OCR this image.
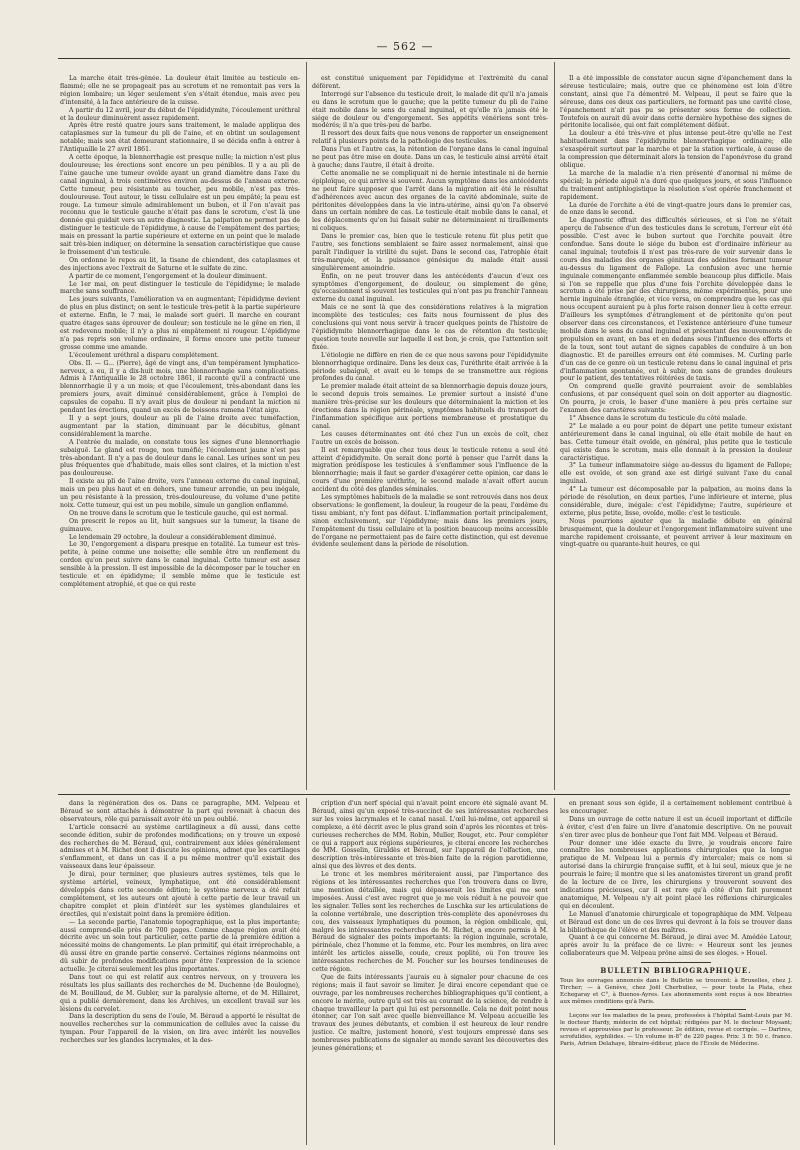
— 562 —

La marche était très-gênée. La douleur était limitée au testicule en-flammé; elle ne se propageait pas au scrotum et ne remontait pas vers la région lombaire; un léger seulement s'en s'était étendue, mais avec peu d'intensité, à la face antérieure de la cuisse.

A partir du 12 avril, jour du début de l'épididymite, l'écoulement uréthral et la douleur diminuèrent assez rapidement.

Après être resté quatre jours sans traitement, le malade appliqua des cataplasmes sur la tumeur du pli de l'aine, et en obtint un soulagement notable; mais son état demeurant stationnaire, il se décida enfin à entrer à l'Antiquaille le 27 avril 1861.

A cette époque, la blennorrhagie est presque nulle; la miction n'est plus douloureuse; les érections sont encore un peu pénibles. Il y a au pli de l'aine gauche une tumeur ovoïde ayant un grand diamètre dans l'axe du canal inguinal, à trois centimètres environ au-dessus de l'anneau externe. Cette tumeur, peu résistante au toucher, peu mobile, n'est pas très-douloureuse. Tout autour, le tissu cellulaire est un peu empâté; la peau est rouge. La tumeur simule admirablement un bubon, et il l'on n'avait pas reconnu que le testicule gauche n'était pas dans le scrotum, c'est là une donnée qui guidait vers un autre diagnostic. La palpation ne permet pas de distinguer le testicule de l'épididyme, à cause de l'empâtement des parties; mais en pressant la partie supérieure et externe en un point que le malade sait très-bien indiquer, on détermine la sensation caractéristique que cause le froissement d'un testicule.

On ordonne le repos au lit, la tisane de chiendent, des cataplasmes et des injections avec l'extrait de Saturne et le sulfate de zinc.

A partir de ce moment, l'engorgement et la douleur diminuent.

Le 1er mai, on peut distinguer le testicule de l'épididyme; le malade marche sans souffrance.

Les jours suivants, l'amélioration va en augmentant; l'épididyme devient de plus en plus distinct; on sent le testicule très-petit à la partie supérieure et externe. Enfin, le 7 mai, le malade sort guéri. Il marche en courant quatre étages sans éprouver de douleur; son testicule ne le gêne en rien, il est redevenu mobile; il n'y a plus ni empâtement ni rougeur. L'épididyme n'a pas repris son volume ordinaire, il forme encore une petite tumeur grosse comme une amande.

L'écoulement uréthral a disparu complétement.

Obs. II. — G... (Pierre), âgé de vingt ans, d'un tempérament lymphatico-nerveux, a eu, il y a dix-huit mois, une blennorrhagie sans complications. Admis à l'Antiquaille le 28 octobre 1861, il raconte qu'il a contracté une blennorrhagie il y a un mois; et que l'écoulement, très-abondant dans les premiers jours, avait diminué considérablement, grâce à l'emploi de capsules de copahu. Il n'y avait plus de douleur ni pendant la miction ni pendant les érections, quand un excès de boissons ramena l'état aigu.

Il y a sept jours, douleur au pli de l'aine droite avec tuméfaction, augmentant par la station, diminuant par le décubitus, gênant considérablement la marche.

A l'entrée du malade, on constate tous les signes d'une blennorrhagie subaiguë. Le gland est rouge, non tuméfié; l'écoulement jaune n'est pas très-abondant. Il n'y a pas de douleur dans le canal. Les urines sont un peu plus fréquentes que d'habitude, mais elles sont claires, et la miction n'est pas douloureuse.

Il existe au pli de l'aine droite, vers l'anneau externe du canal inguinal, mais un peu plus haut et en dehors, une tumeur arrondie, un peu inégale, un peu résistante à la pression, très-douloureuse, du volume d'une petite noix. Cette tumeur, qui est un peu mobile, simule un ganglion enflammé.

On ne trouve dans le scrotum que le testicule gauche, qui est normal.

On prescrit le repos au lit, huit sangsues sur la tumeur, la tisane de guimauve.

Le lendemain 29 octobre, la douleur a considérablement diminué.

Le 30, l'engorgement a disparu presque en totalité. La tumeur est très-petite, à peine comme une noisette; elle semble être un renflement du cordon qu'on peut suivre dans le canal inguinal. Cette tumeur est assez sensible à la pression. Il est impossible de la décomposer par le toucher en testicule et en épididyme; il semble même que le testicule est complétement atrophié, et que ce qui reste

est constitué uniquement par l'épididyme et l'extrémité du canal déférent.

Interrogé sur l'absence du testicule droit, le malade dit qu'il n'a jamais eu dans le scrotum que le gauche; que la petite tumeur du pli de l'aine était mobile dans le sens du canal inguinal, et qu'elle n'a jamais été le siége de douleur ou d'engorgement. Ses appétits vénériens sont très-modérés; il n'a que très-peu de barbe.

Il ressort des deux faits que nous venons de rapporter un enseignement relatif à plusieurs points de la pathologie des testicules.

Dans l'un et l'autre cas, la rétention de l'organe dans le canal inguinal ne peut pas être mise en doute. Dans un cas, le testicule ainsi arrêté était à gauche; dans l'autre, il était à droite.

Cette anomalie ne se compliquait ni de hernie intestinale ni de hernie épiploïque, ce qui arrive si souvent. Aucun symptôme dans les antécédents ne peut faire supposer que l'arrêt dans la migration ait été le résultat d'adhérences avec aucun des organes de la cavité abdominale, suite de péritonites développées dans la vie intra-utérine, ainsi qu'on l'a observé dans un certain nombre de cas. Le testicule était mobile dans le canal, et les déplacements qu'on lui faisait subir ne déterminaient ni tiraillements ni coliques.

Dans le premier cas, bien que le testicule retenu fût plus petit que l'autre, ses fonctions semblaient se faire assez normalement, ainsi que paraît l'indiquer la virilité du sujet. Dans le second cas, l'atrophie était très-marquée, et la puissance génésique du malade était aussi singulièrement amoindrie.

Enfin, on ne peut trouver dans les antécédents d'aucun d'eux ces symptômes d'engorgement, de douleur, ou simplement de gêne, qu'occasionnent si souvent les testicules qui n'ont pas pu franchir l'anneau externe du canal inguinal.

Mais ce ne sont là que des considérations relatives à la migration incomplète des testicules; ces faits nous fournissent de plus des conclusions qui vont nous servir à tracer quelques points de l'histoire de l'épididymite blennorrhagique dans le cas de rétention du testicule; question toute nouvelle sur laquelle il est bon, je crois, que l'attention soit fixée.

L'étiologie ne diffère en rien de ce que nous savons pour l'épididymite blennorrhagique ordinaire. Dans les deux cas, l'uréthrite était arrivée à la période subaiguë, et avait eu le temps de se transmettre aux régions profondes du canal.

Le premier malade était atteint de sa blennorrhagie depuis douze jours, le second depuis trois semaines. Le premier surtout a insisté d'une manière très-précise sur les douleurs que déterminaient la miction et les érections dans la région périnéale, symptômes habituels du transport de l'inflammation spécifique aux portions membraneuse et prostatique du canal.

Les causes déterminantes ont été chez l'un un excès de coït, chez l'autre un excès de boisson.

Il est remarquable que chez tous deux le testicule retenu a seul été atteint d'épididymite. On serait donc porté à penser que l'arrêt dans la migration prédispose les testicules à s'enflammer sous l'influence de la blennorrhagie; mais il faut se garder d'exagérer cette opinion, car dans le cours d'une première uréthrite, le second malade n'avait offert aucun accident du côté des glandes séminales.

Les symptômes habituels de la maladie se sont retrouvés dans nos deux observations: le gonflement, la douleur, la rougeur de la peau, l'œdème du tissu ambiant, n'y font pas défaut. L'inflammation portait principalement, sinon exclusivement, sur l'épididyme; mais dans les premiers jours, l'empâtement du tissu cellulaire et la position beaucoup moins accessible de l'organe ne permettaient pas de faire cette distinction, qui est devenue évidente seulement dans la période de résolution.

Il a été impossible de constater aucun signe d'épanchement dans la séreuse testiculaire; mais, outre que ce phénomène est loin d'être constant, ainsi que l'a démontré M. Velpeau, il peut se faire que la séreuse, dans ces deux cas particuliers, ne formant pas une cavité close, l'épanchement n'ait pas pu se présenter sous forme de collection. Toutefois on aurait dû avoir dans cette dernière hypothèse des signes de péritonite localisée, qui ont fait complétement défaut.

La douleur a été très-vive et plus intense peut-être qu'elle ne l'est habituellement dans l'épididymite blennorrhagique ordinaire; elle s'exaspérait surtout par la marche et par la station verticale, à cause de la compression que déterminait alors la tension de l'aponévrose du grand oblique.

La marche de la maladie n'a rien présenté d'anormal ni même de spécial; la période aiguë n'a duré que quelques jours, et sous l'influence du traitement antiphlogistique la résolution s'est opérée franchement et rapidement.

La durée de l'orchite a été de vingt-quatre jours dans le premier cas, de onze dans le second.

Le diagnostic offrait des difficultés sérieuses, et si l'on ne s'était aperçu de l'absence d'un des testicules dans le scrotum, l'erreur eût été possible. C'est avec le bubon surtout que l'orchite pouvait être confondue. Sans doute le siége du bubon est d'ordinaire inférieur au canal inguinal; toutefois il n'est pas très-rare de voir survenir dans le cours des maladies des organes génitaux des adénites formant tumeur au-dessus du ligament de Fallope. La confusion avec une hernie inguinale commençante enflammée semble beaucoup plus difficile. Mais si l'on se rappelle que plus d'une fois l'orchite développée dans le scrotum a été prise par des chirurgiens, même expérimentés, pour une hernie inguinale étranglée, et vice versa, on comprendra que les cas qui nous occupent auraient pu à plus forte raison donner lieu à cette erreur. D'ailleurs les symptômes d'étranglement et de péritonite qu'on peut observer dans ces circonstances, et l'existence antérieure d'une tumeur mobile dans le sens du canal inguinal et présentant des mouvements de propulsion en avant, en bas et en dedans sous l'influence des efforts et de la toux, sont tout autant de signes capables de conduire à un bon diagnostic. Et de pareilles erreurs ont été commises. M. Curling parle d'un cas de ce genre où un testicule retenu dans le canal inguinal et pris d'inflammation spontanée, eut à subir, non sans de grandes douleurs pour le patient, des tentatives réitérées de taxis.

On comprend quelle gravité pourraient avoir de semblables confusions, et par conséquent quel soin on doit apporter au diagnostic. On pourra, je crois, le baser d'une manière à peu près certaine sur l'examen des caractères suivants:

1° Absence dans le scrotum du testicule du côté malade.

2° Le malade a eu pour point de départ une petite tumeur existant antérieurement dans le canal inguinal, où elle était mobile de haut en bas. Cette tumeur était ovoïde, en général, plus petite que le testicule qui existe dans le scrotum, mais elle donnait à la pression la douleur caractéristique.

3° La tumeur inflammatoire siége au-dessus du ligament de Fallope; elle est ovoïde, et son grand axe est dirigé suivant l'axe du canal inguinal.

4° La tumeur est décomposable par la palpation, au moins dans la période de résolution, en deux parties, l'une inférieure et interne, plus considérable, dure, inégale: c'est l'épididyme; l'autre, supérieure et externe, plus petite, lisse, ovoïde, molle: c'est le testicule.

Nous pourrions ajouter que la maladie débute en général brusquement, que la douleur et l'engorgement inflammatoire suivent une marche rapidement croissante, et peuvent arriver à leur maximum en vingt-quatre ou quarante-huit heures, ce qui

dans la régénération des os. Dans ce paragraphe, MM. Velpeau et Béraud se sont attachés à démontrer la part qui revenait à chacun des observateurs, rôle qui paraissait avoir été un peu oublié.

L'article consacré au système cartilagineux a dû aussi, dans cette seconde édition, subir de profondes modifications; on y trouve un exposé des recherches de M. Béraud, qui, contrairement aux idées généralement admises et à M. Richet dont il discute les opinions, admet que les cartilages s'enflamment, et dans un cas il a pu même montrer qu'il existait des vaisseaux dans leur épaisseur.

Je dirai, pour terminer, que plusieurs autres systèmes, tels que le système artériel, veineux, lymphatique, ont été considérablement développés dans cette seconde édition; le système nerveux a été refait complétement, et les auteurs ont ajouté à cette partie de leur travail un chapitre complet et plein d'intérêt sur les systèmes glandulaires et érectiles, qui n'existait point dans la première édition.

— La seconde partie, l'anatomie topographique, est la plus importante; aussi comprend-elle près de 700 pages. Comme chaque région avait été décrite avec un soin tout particulier, cette partie de la première édition a nécessité moins de changements. Le plan primitif, qui était irréprochable, a dû aussi être en grande partie conservé. Certaines régions néanmoins ont dû subir de profondes modifications pour être l'expression de la science actuelle. Je citerai seulement les plus importantes.

Dans tout ce qui est relatif aux centres nerveux, on y trouvera les résultats les plus saillants des recherches de M. Duchenne (de Boulogne), de M. Bouillaud, de M. Gubler, sur la paralysie alterne, et de M. Hillairet, qui a publié dernièrement, dans les Archives, un excellent travail sur les lésions du cervelet.

Dans la description du sens de l'ouïe, M. Béraud a apporté le résultat de nouvelles recherches sur la communication de cellules avec la caisse du tympan. Pour l'appareil de la vision, on lira avec intérêt les nouvelles recherches sur les glandes lacrymales, et la des-

cription d'un nerf spécial qui n'avait point encore été signalé avant M. Béraud, ainsi qu'un exposé très-succinct de ses intéressantes recherches sur les voies lacrymales et le canal nasal. L'œil lui-même, cet appareil si complexe, a été décrit avec le plus grand soin d'après les récentes et très-curieuses recherches de MM. Robin, Muller, Rouget, etc. Pour compléter ce qui a rapport aux régions supérieures, je citerai encore les recherches de MM. Gosselin, Giraldès et Béraud, sur l'appareil de l'olfaction, une description très-intéressante et très-bien faite de la région parotidienne, ainsi que des lèvres et des dents.

Le tronc et les membres mériteraient aussi, par l'importance des régions et les intéressantes recherches que l'on trouvera dans ce livre, une mention détaillée, mais qui dépasserait les limites qui me sont imposées. Aussi c'est avec regret que je me vois réduit à ne pouvoir que les signaler. Telles sont les recherches de Luschka sur les articulations de la colonne vertébrale, une description très-complète des aponévroses du cou, des vaisseaux lymphatiques du poumon, la région ombilicale, qui, malgré les intéressantes recherches de M. Richet, a encore permis à M. Béraud de signaler des points importants: la région inguinale, scrotale, périnéale, chez l'homme et la femme, etc. Pour les membres, on lira avec intérêt les articles aisselle, coude, creux poplité, où l'on trouve les intéressantes recherches de M. Foucher sur les bourses tendineuses de cette région.

Que de faits intéressants j'aurais eu à signaler pour chacune de ces régions; mais il faut savoir se limiter. Je dirai encore cependant que ce ouvrage, par les nombreuses recherches bibliographiques qu'il contient, a encore le mérite, outre qu'il est très au courant de la science, de rendre à chaque travailleur la part qui lui est personnelle. Cela ne doit point nous étonner, car l'on sait avec quelle bienveillance M. Velpeau accueille les travaux des jeunes débutants, et combien il est heureux de leur rendre justice. Ce maître, justement honoré, s'est toujours empressé dans ses nombreuses publications de signaler au monde savant les découvertes des jeunes générations; et

en prenant sous son égide, il a certainement noblement contribué à les encourager.

Dans un ouvrage de cette nature il est un écueil important et difficile à éviter, c'est d'en faire un livre d'anatomie descriptive. On ne pouvait s'en tirer avec plus de bonheur que l'ont fait MM. Velpeau et Béraud.

Pour donner une idée exacte du livre, je voudrais encore faire connaître les nombreuses applications chirurgicales que la longue pratique de M. Velpeau lui a permis d'y intercaler; mais ce nom si autorisé dans la chirurgie française suffit, et à lui seul, mieux que je ne pourrais le faire; il montre que si les anatomistes tireront un grand profit de la lecture de ce livre, les chirurgiens y trouveront souvent des indications précieuses, car il est rare qu'à côté d'un fait purement anatomique, M. Velpeau n'y ait point placé les réflexions chirurgicales qui en découlent.

Le Manuel d'anatomie chirurgicale et topographique de MM. Velpeau et Béraud est donc un de ces livres qui devront à la fois se trouver dans la bibliothèque de l'élève et des maîtres.

Quant à ce qui concerne M. Béraud, je dirai avec M. Amédée Latour, après avoir lu la préface de ce livre: « Heureux sont les jeunes collaborateurs que M. Velpeau prône ainsi de ses éloges. » Houel.

BULLETIN BIBLIOGRAPHIQUE.

Tous les ouvrages annoncés dans le Bulletin se trouvent: à Bruxelles, chez J. Tircher; — à Genève, chez Joël Cherbuliez, — pour toute la Plata, chez Echegaray et C°, à Buenos-Ayres. Les abonnements sont reçus à nos librairies aux mêmes conditions qu'à Paris.

Leçons sur les maladies de la peau, professées à l'hôpital Saint-Louis par M. le docteur Hardy, médecin de cet hôpital; rédigées par M. le docteur Moysant; revues et approuvées par le professeur. 2e édition, revue et corrigée. — Dartres, scrofulides, syphilides. — Un volume in-8° de 220 pages. Prix: 3 fr. 50 c. franco. Paris, Adrien Delahaye, libraire-éditeur, place de l'École de Médecine.
